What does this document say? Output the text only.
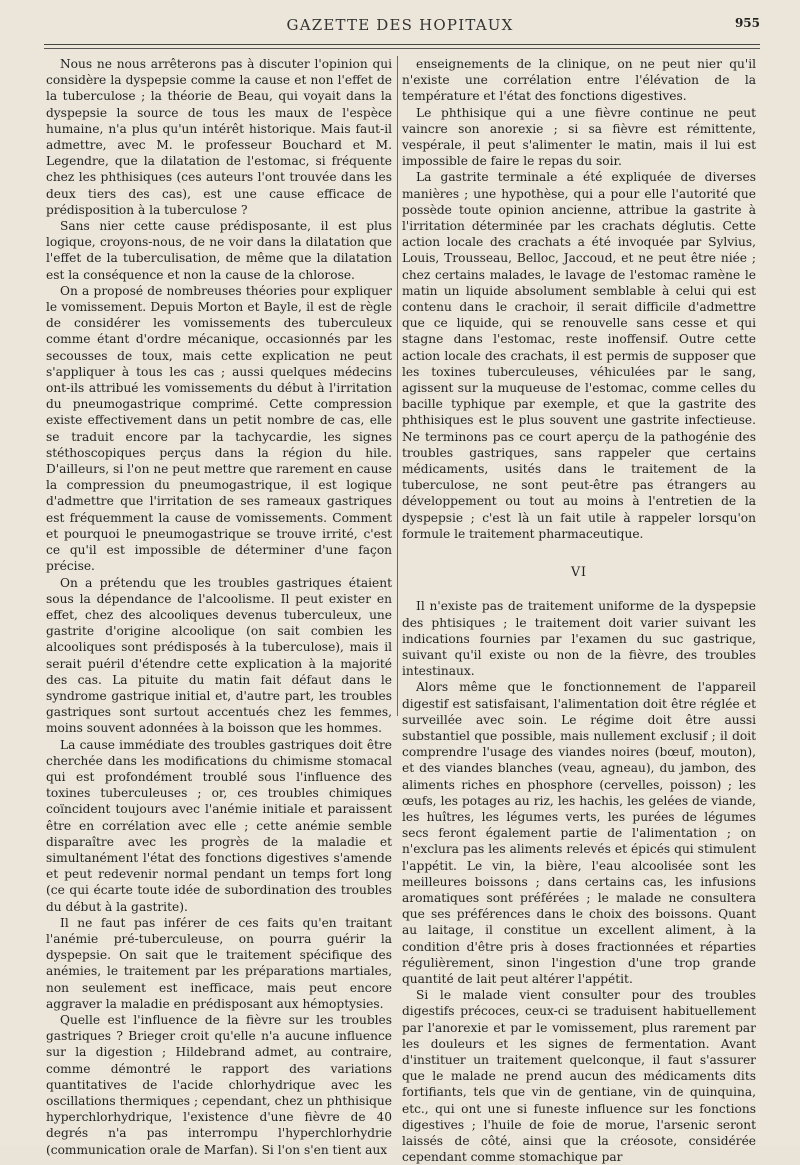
GAZETTE DES HOPITAUX	955

Nous ne nous arrêterons pas à discuter l'opinion qui considère la dyspepsie comme la cause et non l'effet de la tuberculose ; la théorie de Beau, qui voyait dans la dyspepsie la source de tous les maux de l'espèce humaine, n'a plus qu'un intérêt historique. Mais faut-il admettre, avec M. le professeur Bouchard et M. Legendre, que la dilatation de l'estomac, si fréquente chez les phthisiques (ces auteurs l'ont trouvée dans les deux tiers des cas), est une cause efficace de prédisposition à la tuberculose ?

Sans nier cette cause prédisposante, il est plus logique, croyons-nous, de ne voir dans la dilatation que l'effet de la tuberculisation, de même que la dilatation est la conséquence et non la cause de la chlorose.

On a proposé de nombreuses théories pour expliquer le vomissement. Depuis Morton et Bayle, il est de règle de considérer les vomissements des tuberculeux comme étant d'ordre mécanique, occasionnés par les secousses de toux, mais cette explication ne peut s'appliquer à tous les cas ; aussi quelques médecins ont-ils attribué les vomissements du début à l'irritation du pneumogastrique comprimé. Cette compression existe effectivement dans un petit nombre de cas, elle se traduit encore par la tachycardie, les signes stéthoscopiques perçus dans la région du hile. D'ailleurs, si l'on ne peut mettre que rarement en cause la compression du pneumogastrique, il est logique d'admettre que l'irritation de ses rameaux gastriques est fréquemment la cause de vomissements. Comment et pourquoi le pneumogastrique se trouve irrité, c'est ce qu'il est impossible de déterminer d'une façon précise.

On a prétendu que les troubles gastriques étaient sous la dépendance de l'alcoolisme. Il peut exister en effet, chez des alcooliques devenus tuberculeux, une gastrite d'origine alcoolique (on sait combien les alcooliques sont prédisposés à la tuberculose), mais il serait puéril d'étendre cette explication à la majorité des cas. La pituite du matin fait défaut dans le syndrome gastrique initial et, d'autre part, les troubles gastriques sont surtout accentués chez les femmes, moins souvent adonnées à la boisson que les hommes.

La cause immédiate des troubles gastriques doit être cherchée dans les modifications du chimisme stomacal qui est profondément troublé sous l'influence des toxines tuberculeuses ; or, ces troubles chimiques coïncident toujours avec l'anémie initiale et paraissent être en corrélation avec elle ; cette anémie semble disparaître avec les progrès de la maladie et simultanément l'état des fonctions digestives s'amende et peut redevenir normal pendant un temps fort long (ce qui écarte toute idée de subordination des troubles du début à la gastrite).

Il ne faut pas inférer de ces faits qu'en traitant l'anémie pré-tuberculeuse, on pourra guérir la dyspepsie. On sait que le traitement spécifique des anémies, le traitement par les préparations martiales, non seulement est inefficace, mais peut encore aggraver la maladie en prédisposant aux hémoptysies.

Quelle est l'influence de la fièvre sur les troubles gastriques ? Brieger croit qu'elle n'a aucune influence sur la digestion ; Hildebrand admet, au contraire, comme démontré le rapport des variations quantitatives de l'acide chlorhydrique avec les oscillations thermiques ; cependant, chez un phthisique hyperchlorhydrique, l'existence d'une fièvre de 40 degrés n'a pas interrompu l'hyperchlorhydrie (communication orale de Marfan). Si l'on s'en tient aux

enseignements de la clinique, on ne peut nier qu'il n'existe une corrélation entre l'élévation de la température et l'état des fonctions digestives.

Le phthisique qui a une fièvre continue ne peut vaincre son anorexie ; si sa fièvre est rémittente, vespérale, il peut s'alimenter le matin, mais il lui est impossible de faire le repas du soir.

La gastrite terminale a été expliquée de diverses manières ; une hypothèse, qui a pour elle l'autorité que possède toute opinion ancienne, attribue la gastrite à l'irritation déterminée par les crachats déglutis. Cette action locale des crachats a été invoquée par Sylvius, Louis, Trousseau, Belloc, Jaccoud, et ne peut être niée ; chez certains malades, le lavage de l'estomac ramène le matin un liquide absolument semblable à celui qui est contenu dans le crachoir, il serait difficile d'admettre que ce liquide, qui se renouvelle sans cesse et qui stagne dans l'estomac, reste inoffensif. Outre cette action locale des crachats, il est permis de supposer que les toxines tuberculeuses, véhiculées par le sang, agissent sur la muqueuse de l'estomac, comme celles du bacille typhique par exemple, et que la gastrite des phthisiques est le plus souvent une gastrite infectieuse. Ne terminons pas ce court aperçu de la pathogénie des troubles gastriques, sans rappeler que certains médicaments, usités dans le traitement de la tuberculose, ne sont peut-être pas étrangers au développement ou tout au moins à l'entretien de la dyspepsie ; c'est là un fait utile à rappeler lorsqu'on formule le traitement pharmaceutique.

VI

Il n'existe pas de traitement uniforme de la dyspepsie des phtisiques ; le traitement doit varier suivant les indications fournies par l'examen du suc gastrique, suivant qu'il existe ou non de la fièvre, des troubles intestinaux.

Alors même que le fonctionnement de l'appareil digestif est satisfaisant, l'alimentation doit être réglée et surveillée avec soin. Le régime doit être aussi substantiel que possible, mais nullement exclusif ; il doit comprendre l'usage des viandes noires (bœuf, mouton), et des viandes blanches (veau, agneau), du jambon, des aliments riches en phosphore (cervelles, poisson) ; les œufs, les potages au riz, les hachis, les gelées de viande, les huîtres, les légumes verts, les purées de légumes secs feront également partie de l'alimentation ; on n'exclura pas les aliments relevés et épicés qui stimulent l'appétit. Le vin, la bière, l'eau alcoolisée sont les meilleures boissons ; dans certains cas, les infusions aromatiques sont préférées ; le malade ne consultera que ses préférences dans le choix des boissons. Quant au laitage, il constitue un excellent aliment, à la condition d'être pris à doses fractionnées et réparties régulièrement, sinon l'ingestion d'une trop grande quantité de lait peut altérer l'appétit.

Si le malade vient consulter pour des troubles digestifs précoces, ceux-ci se traduisent habituellement par l'anorexie et par le vomissement, plus rarement par les douleurs et les signes de fermentation. Avant d'instituer un traitement quelconque, il faut s'assurer que le malade ne prend aucun des médicaments dits fortifiants, tels que vin de gentiane, vin de quinquina, etc., qui ont une si funeste influence sur les fonctions digestives ; l'huile de foie de morue, l'arsenic seront laissés de côté, ainsi que la créosote, considérée cependant comme stomachique par
